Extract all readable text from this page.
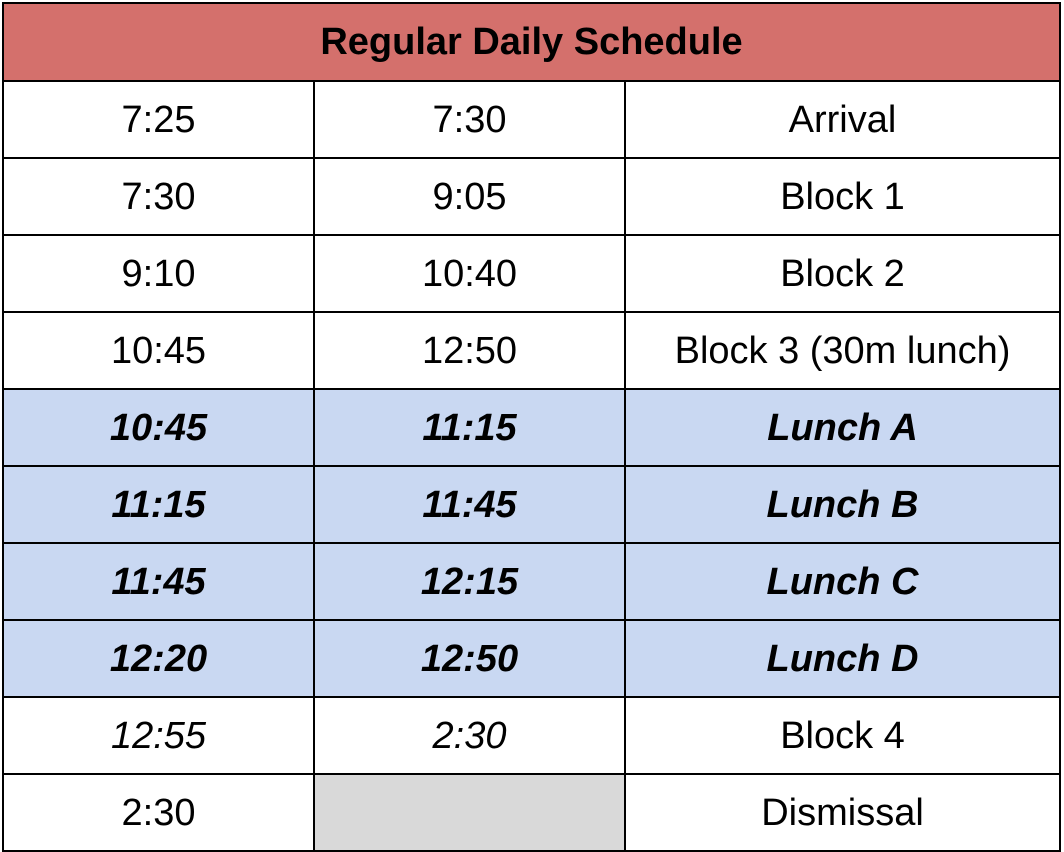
Regular Daily Schedule		
7:25	7:30	Arrival
7:30	9:05	Block 1
9:10	10:40	Block 2
10:45	12:50	Block 3 (30m lunch)
10:45	11:15	Lunch A
11:15	11:45	Lunch B
11:45	12:15	Lunch C
12:20	12:50	Lunch D
12:55	2:30	Block 4
2:30		Dismissal
